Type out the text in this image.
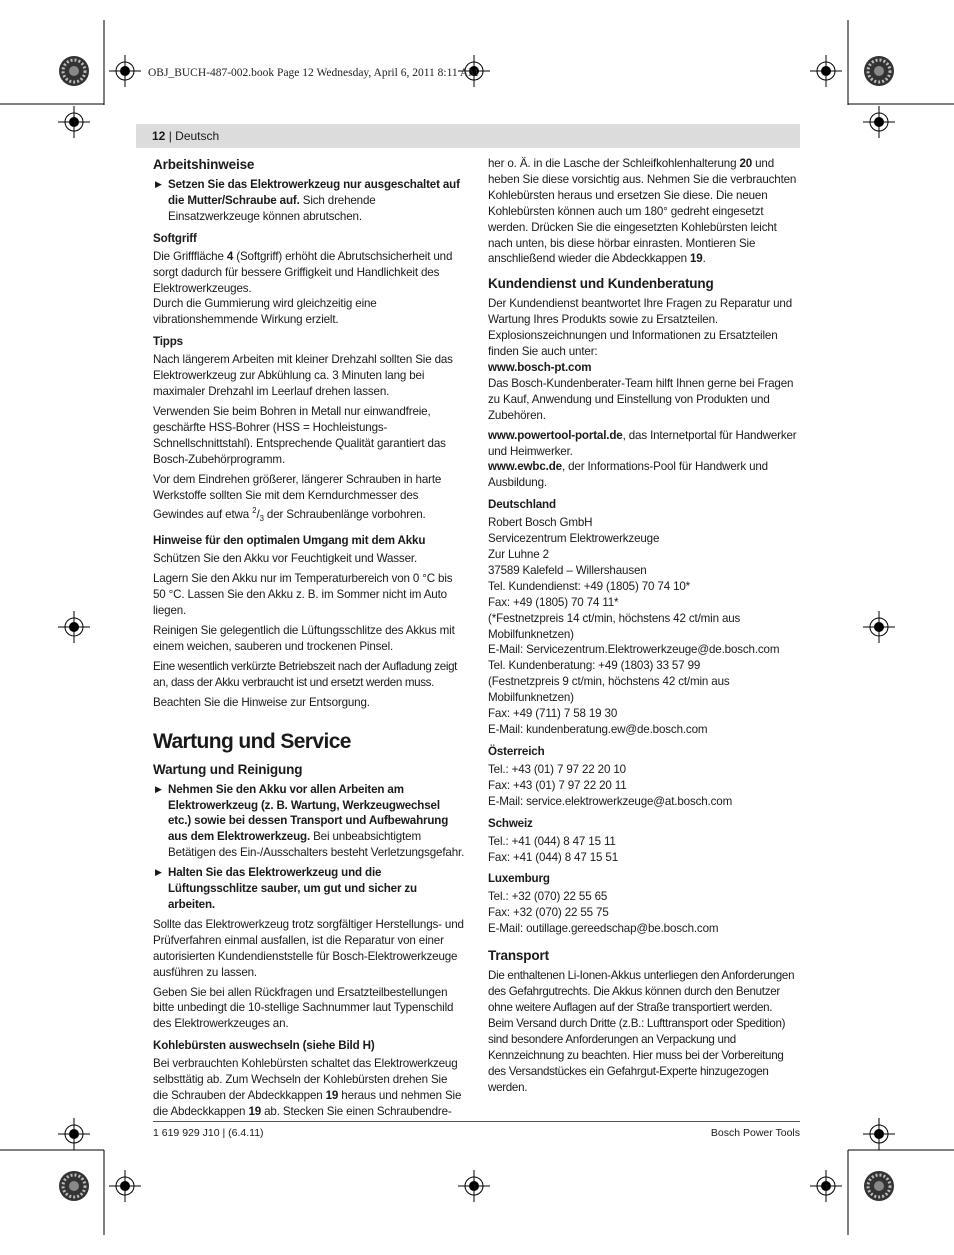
OBJ_BUCH-487-002.book Page 12 Wednesday, April 6, 2011 8:11 AM
12 | Deutsch
Arbeitshinweise
▶ Setzen Sie das Elektrowerkzeug nur ausgeschaltet auf die Mutter/Schraube auf. Sich drehende Einsatzwerkzeuge können abrutschen.
Softgriff

Die Grifffläche 4 (Softgriff) erhöht die Abrutschsicherheit und sorgt dadurch für bessere Griffigkeit und Handlichkeit des Elektrowerkzeuges.

Durch die Gummierung wird gleichzeitig eine vibrationshemmende Wirkung erzielt.

Tipps

Nach längerem Arbeiten mit kleiner Drehzahl sollten Sie das Elektrowerkzeug zur Abkühlung ca. 3 Minuten lang bei maximaler Drehzahl im Leerlauf drehen lassen.

Verwenden Sie beim Bohren in Metall nur einwandfreie, geschärfte HSS-Bohrer (HSS = Hochleistungs-Schnellschnittstahl). Entsprechende Qualität garantiert das Bosch-Zubehörprogramm.

Vor dem Eindrehen größerer, längerer Schrauben in harte Werkstoffe sollten Sie mit dem Kerndurchmesser des Gewindes auf etwa $^2/_3$ der Schraubenlänge vorbohren.

Hinweise für den optimalen Umgang mit dem Akku

Schützen Sie den Akku vor Feuchtigkeit und Wasser.

Lagern Sie den Akku nur im Temperaturbereich von 0 °C bis 50 °C. Lassen Sie den Akku z. B. im Sommer nicht im Auto liegen.

Reinigen Sie gelegentlich die Lüftungsschlitze des Akkus mit einem weichen, sauberen und trockenen Pinsel.

Eine wesentlich verkürzte Betriebszeit nach der Aufladung zeigt an, dass der Akku verbraucht ist und ersetzt werden muss.

Beachten Sie die Hinweise zur Entsorgung.

Wartung und Service
Wartung und Reinigung
▶ Nehmen Sie den Akku vor allen Arbeiten am Elektrowerkzeug (z. B. Wartung, Werkzeugwechsel etc.) sowie bei dessen Transport und Aufbewahrung aus dem Elektrowerkzeug. Bei unbeabsichtigtem Betätigen des Ein-/Ausschalters besteht Verletzungsgefahr.
▶ Halten Sie das Elektrowerkzeug und die Lüftungsschlitze sauber, um gut und sicher zu arbeiten.

Sollte das Elektrowerkzeug trotz sorgfältiger Herstellungs- und Prüfverfahren einmal ausfallen, ist die Reparatur von einer autorisierten Kundendienststelle für Bosch-Elektrowerkzeuge ausführen zu lassen.

Geben Sie bei allen Rückfragen und Ersatzteilbestellungen bitte unbedingt die 10-stellige Sachnummer laut Typenschild des Elektrowerkzeuges an.

Kohlebürsten auswechseln (siehe Bild H)

Bei verbrauchten Kohlebürsten schaltet das Elektrowerkzeug selbsttätig ab. Zum Wechseln der Kohlebürsten drehen Sie die Schrauben der Abdeckkappen 19 heraus und nehmen Sie die Abdeckkappen 19 ab. Stecken Sie einen Schraubendre-

her o. Ä. in die Lasche der Schleifkohlenhalterung 20 und heben Sie diese vorsichtig aus. Nehmen Sie die verbrauchten Kohlebürsten heraus und ersetzen Sie diese. Die neuen Kohlebürsten können auch um 180° gedreht eingesetzt werden. Drücken Sie die eingesetzten Kohlebürsten leicht nach unten, bis diese hörbar einrasten. Montieren Sie anschließend wieder die Abdeckkappen 19.

Kundendienst und Kundenberatung

Der Kundendienst beantwortet Ihre Fragen zu Reparatur und Wartung Ihres Produkts sowie zu Ersatzteilen. Explosionszeichnungen und Informationen zu Ersatzteilen finden Sie auch unter:

www.bosch-pt.com

Das Bosch-Kundenberater-Team hilft Ihnen gerne bei Fragen zu Kauf, Anwendung und Einstellung von Produkten und Zubehören.

www.powertool-portal.de, das Internetportal für Handwerker und Heimwerker.

www.ewbc.de, der Informations-Pool für Handwerk und Ausbildung.

Deutschland
Robert Bosch GmbH
Servicezentrum Elektrowerkzeuge
Zur Luhne 2
37589 Kalefeld – Willershausen
Tel. Kundendienst: +49 (1805) 70 74 10*
Fax: +49 (1805) 70 74 11*
(*Festnetzpreis 14 ct/min, höchstens 42 ct/min aus Mobilfunknetzen)
E-Mail: Servicezentrum.Elektrowerkzeuge@de.bosch.com
Tel. Kundenberatung: +49 (1803) 33 57 99
(Festnetzpreis 9 ct/min, höchstens 42 ct/min aus Mobilfunknetzen)
Fax: +49 (711) 7 58 19 30
E-Mail: kundenberatung.ew@de.bosch.com
Österreich
Tel.: +43 (01) 7 97 22 20 10
Fax: +43 (01) 7 97 22 20 11
E-Mail: service.elektrowerkzeuge@at.bosch.com
Schweiz
Tel.: +41 (044) 8 47 15 11
Fax: +41 (044) 8 47 15 51
Luxemburg
Tel.: +32 (070) 22 55 65
Fax: +32 (070) 22 55 75
E-Mail: outillage.gereedschap@be.bosch.com
Transport

Die enthaltenen Li-Ionen-Akkus unterliegen den Anforderungen des Gefahrgutrechts. Die Akkus können durch den Benutzer ohne weitere Auflagen auf der Straße transportiert werden. Beim Versand durch Dritte (z.B.: Lufttransport oder Spedition) sind besondere Anforderungen an Verpackung und Kennzeichnung zu beachten. Hier muss bei der Vorbereitung des Versandstückes ein Gefahrgut-Experte hinzugezogen werden.

1 619 929 J10 | (6.4.11)	Bosch Power Tools
